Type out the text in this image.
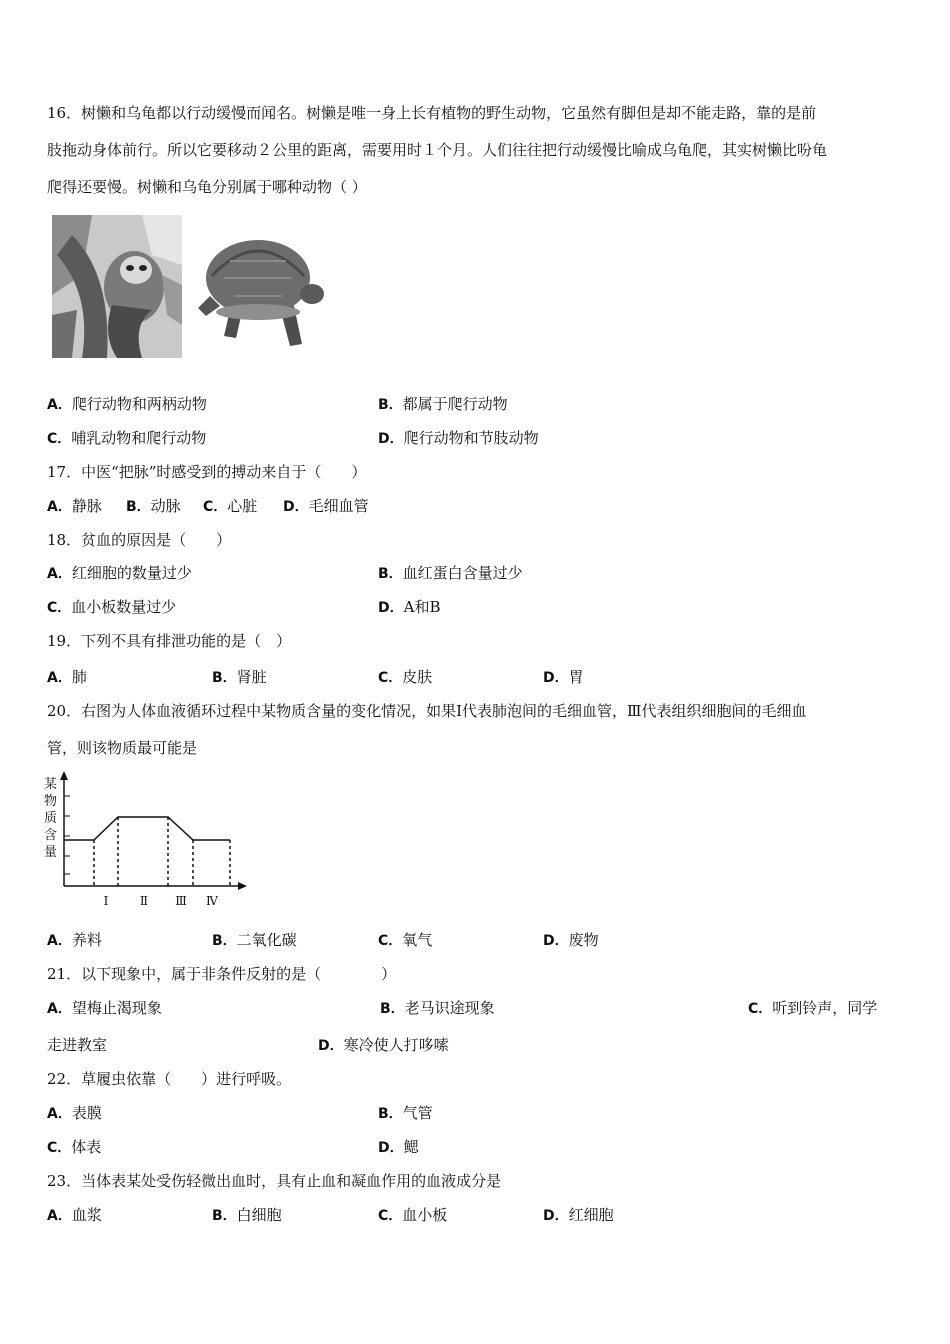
16．树懒和乌龟都以行动缓慢而闻名。树懒是唯一身上长有植物的野生动物，它虽然有脚但是却不能走路，靠的是前
肢拖动身体前行。所以它要移动２公里的距离，需要用时１个月。人们往往把行动缓慢比喻成乌龟爬，其实树懒比吩龟
爬得还要慢。树懒和乌龟分别属于哪种动物（ ）
A．爬行动物和两柄动物	B．都属于爬行动物
C．哺乳动物和爬行动物	D．爬行动物和节肢动物
17．中医“把脉”时感受到的搏动来自于（　　）
A．静脉 B．动脉 C．心脏 D．毛细血管
18．贫血的原因是（　　）
A．红细胞的数量过少	B．血红蛋白含量过少
C．血小板数量过少	D．A和B
19．下列不具有排泄功能的是（　）
A．肺	B．肾脏	C．皮肤	D．胃
20．右图为人体血液循环过程中某物质含量的变化情况，如果Ⅰ代表肺泡间的毛细血管，Ⅲ代表组织细胞间的毛细血
管，则该物质最可能是
某
物
质
含
量
Ⅰ	Ⅱ Ⅲ Ⅳ
A．养料	B．二氧化碳	C．氧气	D．废物
21．以下现象中，属于非条件反射的是（　　　　）
A．望梅止渴现象	B．老马识途现象	C．听到铃声，同学
走进教室	D．寒冷使人打哆嗦
22．草履虫依靠（　　）进行呼吸。
A．表膜	B．气管
C．体表	D．鳃
23．当体表某处受伤轻微出血时，具有止血和凝血作用的血液成分是
A．血浆	B．白细胞	C．血小板	D．红细胞
